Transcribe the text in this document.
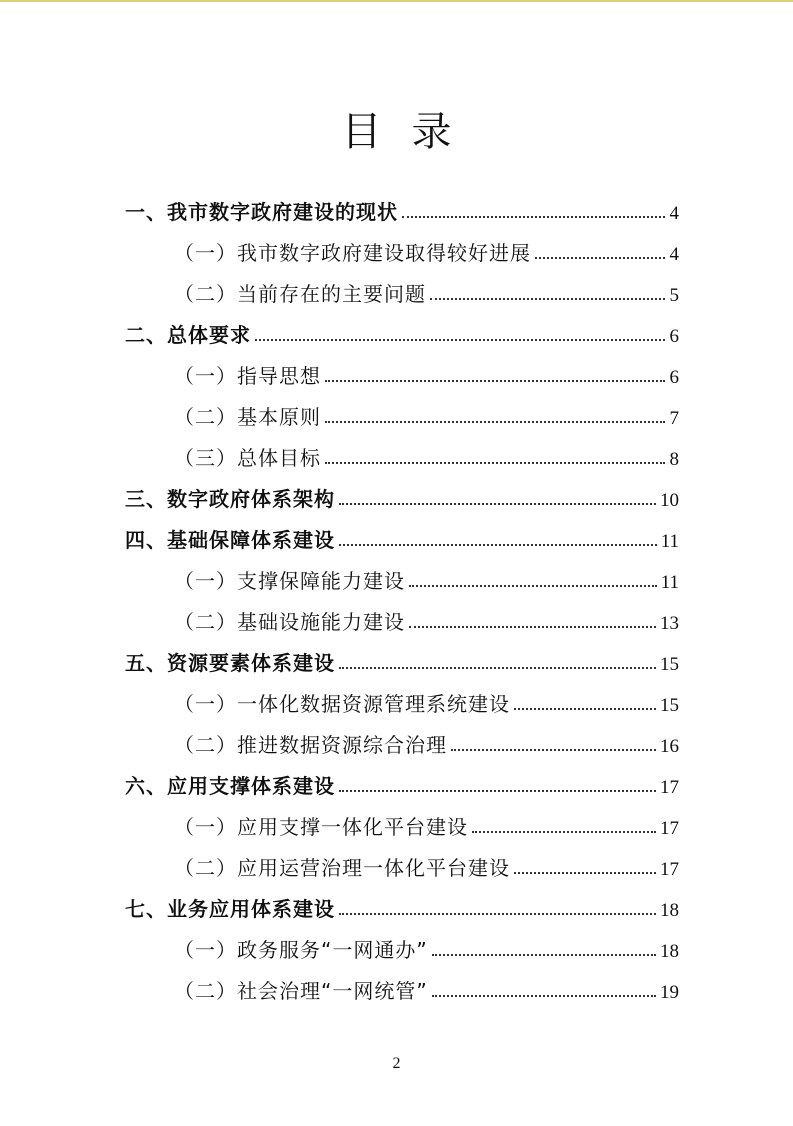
目录
一、我市数字政府建设的现状	4
（一）我市数字政府建设取得较好进展	4
（二）当前存在的主要问题	5
二、总体要求	6
（一）指导思想	6
（二）基本原则	7
（三）总体目标	8
三、数字政府体系架构	10
四、基础保障体系建设	11
（一）支撑保障能力建设	11
（二）基础设施能力建设	13
五、资源要素体系建设	15
（一）一体化数据资源管理系统建设	15
（二）推进数据资源综合治理	16
六、应用支撑体系建设	17
（一）应用支撑一体化平台建设	17
（二）应用运营治理一体化平台建设	17
七、业务应用体系建设	18
（一）政务服务“一网通办”	18
（二）社会治理“一网统管”	19
2
